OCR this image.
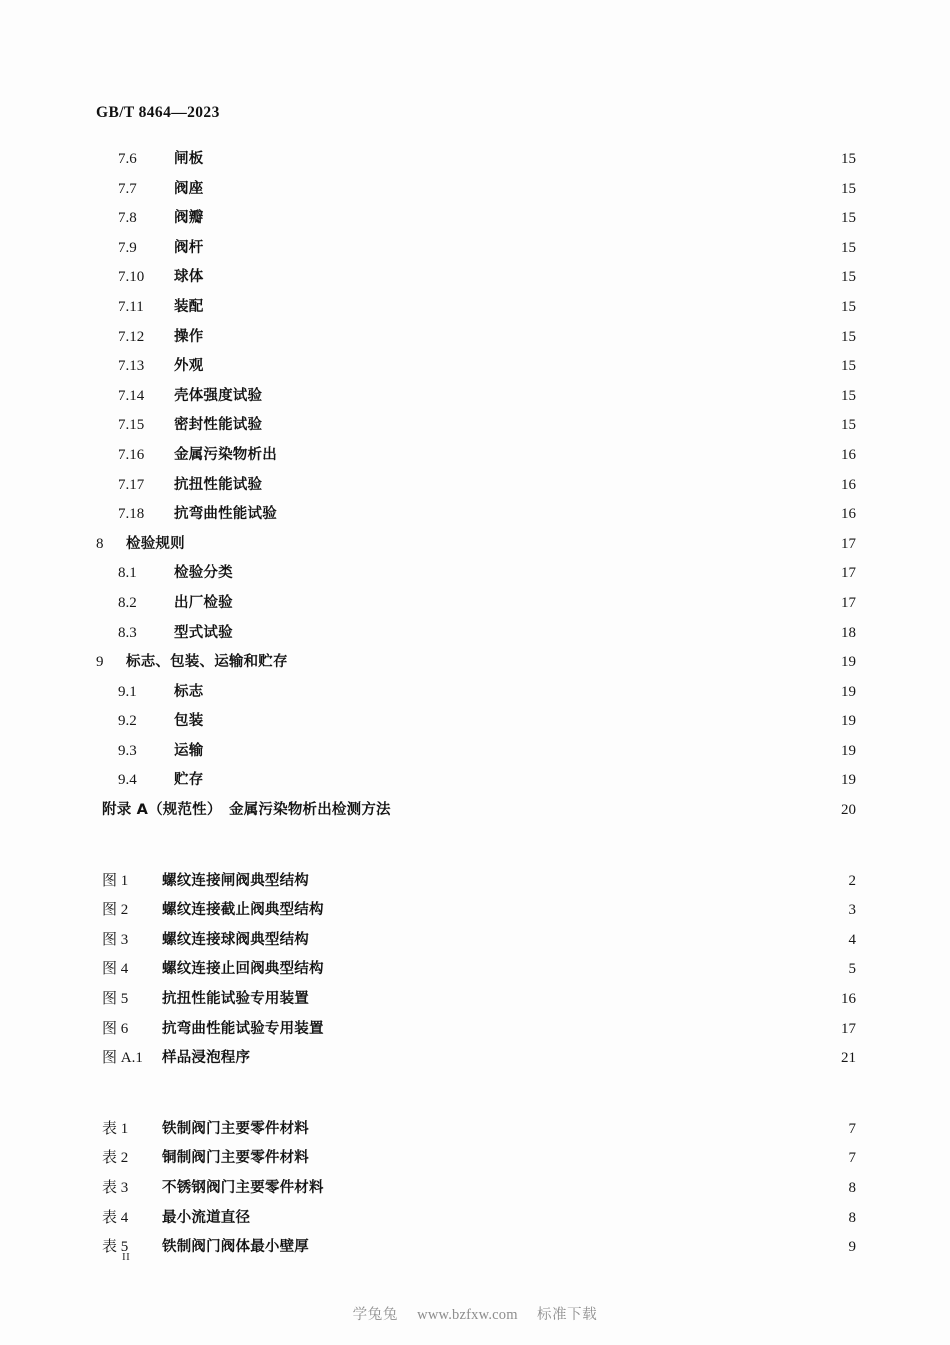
GB/T 8464—2023
7.6	闸板 ·····	15
7.7	阀座 ·····	15
7.8	阀瓣 ·····	15
7.9	阀杆 ·····	15
7.10	球体 ·····	15
7.11	装配 ·····	15
7.12	操作 ·····	15
7.13	外观 ·····	15
7.14	壳体强度试验 ·····	15
7.15	密封性能试验 ·····	15
7.16	金属污染物析出 ·····	16
7.17	抗扭性能试验 ·····	16
7.18	抗弯曲性能试验 ·····	16
8	检验规则 ·····	17
8.1	检验分类 ·····	17
8.2	出厂检验 ·····	17
8.3	型式试验 ·····	18
9	标志、包装、运输和贮存 ·····	19
9.1	标志 ·····	19
9.2	包装 ·····	19
9.3	运输 ·····	19
9.4	贮存 ·····	19
附录 A（规范性）　金属污染物析出检测方法 ·····	20
图 1	螺纹连接闸阀典型结构 ·····	2
图 2	螺纹连接截止阀典型结构 ·····	3
图 3	螺纹连接球阀典型结构 ·····	4
图 4	螺纹连接止回阀典型结构 ·····	5
图 5	抗扭性能试验专用装置 ·····	16
图 6	抗弯曲性能试验专用装置 ·····	17
图 A.1	样品浸泡程序 ·····	21
表 1	铁制阀门主要零件材料 ·····	7
表 2	铜制阀门主要零件材料 ·····	7
表 3	不锈钢阀门主要零件材料 ·····	8
表 4	最小流道直径 ·····	8
表 5	铁制阀门阀体最小壁厚 ·····	9
II
学兔兔 www.bzfxw.com 标准下载
